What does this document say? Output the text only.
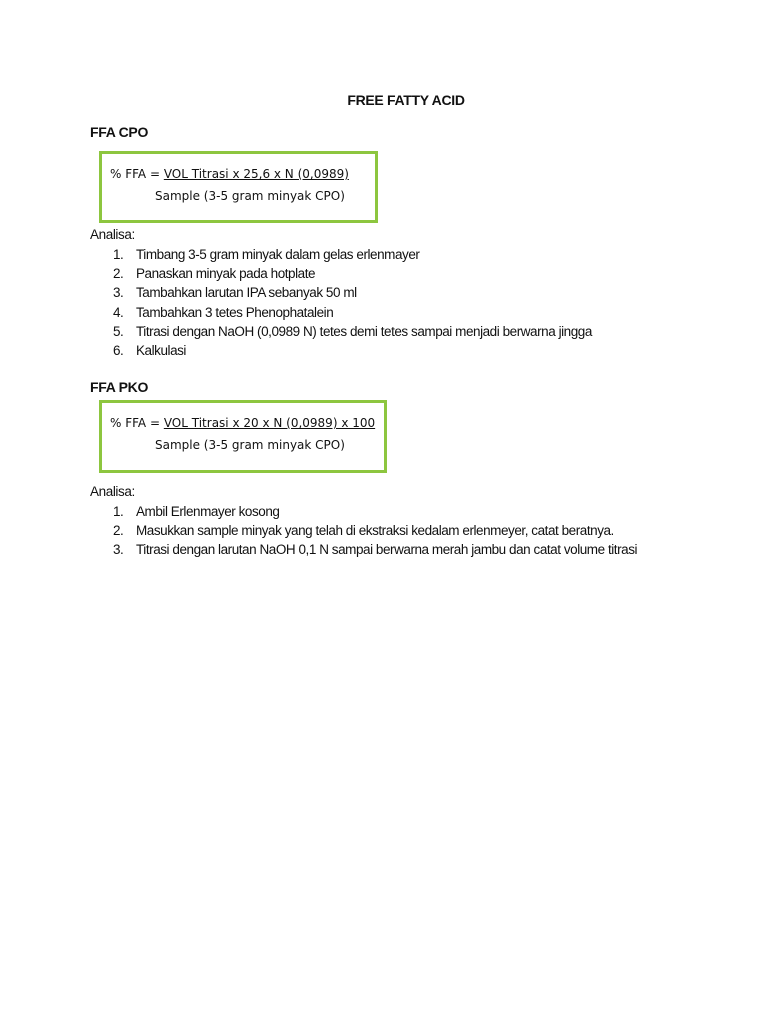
FREE FATTY ACID
FFA CPO
% FFA = VOL Titrasi x 25,6 x N (0,0989)
Sample (3-5 gram minyak CPO)
Analisa:
1. Timbang 3-5 gram minyak dalam gelas erlenmayer
2. Panaskan minyak pada hotplate
3. Tambahkan larutan IPA sebanyak 50 ml
4. Tambahkan 3 tetes Phenophatalein
5. Titrasi dengan NaOH (0,0989 N) tetes demi tetes sampai menjadi berwarna jingga
6. Kalkulasi
FFA PKO
% FFA = VOL Titrasi x 20 x N (0,0989) x 100
Sample (3-5 gram minyak CPO)
Analisa:
1. Ambil Erlenmayer kosong
2. Masukkan sample minyak yang telah di ekstraksi kedalam erlenmeyer, catat beratnya.
3. Titrasi dengan larutan NaOH 0,1 N sampai berwarna merah jambu dan catat volume titrasi
